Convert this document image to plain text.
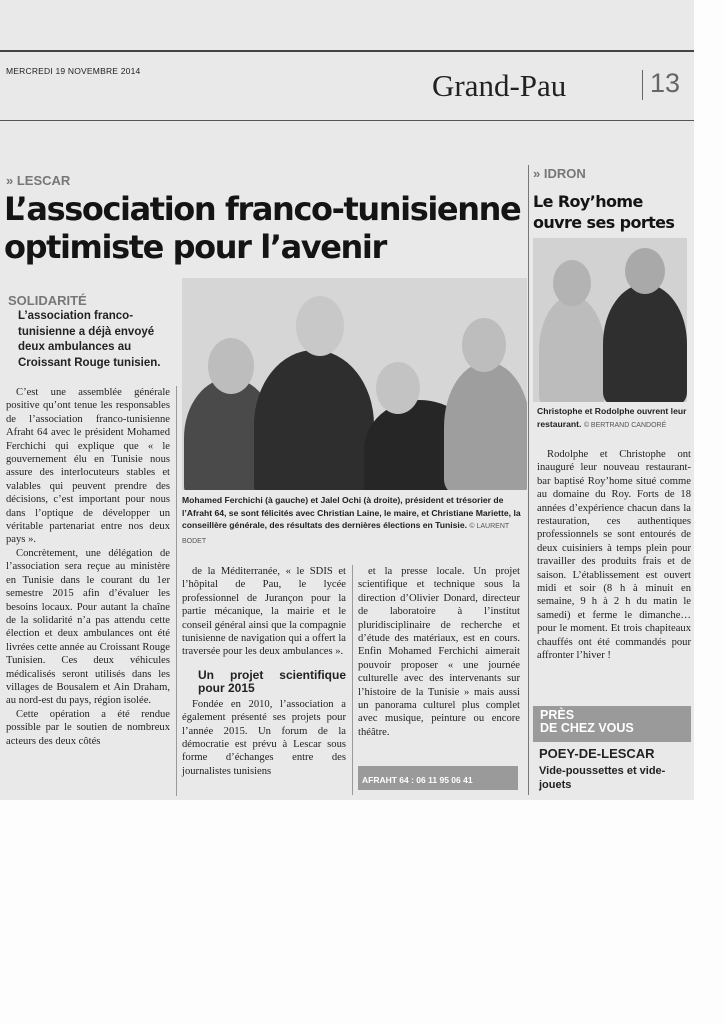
MERCREDI 19 NOVEMBRE 2014	Grand-Pau	13
» LESCAR
L’association franco-tunisienne
optimiste pour l’avenir
SOLIDARITÉ
L’association franco-tunisienne a déjà envoyé deux ambulances au Croissant Rouge tunisien.
Mohamed Ferchichi (à gauche) et Jalel Ochi (à droite), président et trésorier de l’Afraht 64, se sont félicités avec Christian Laine, le maire, et Christiane Mariette, la conseillère générale, des résultats des dernières élections en Tunisie. © LAURENT BODET

C’est une assemblée générale positive qu’ont tenue les responsables de l’association franco-tunisienne Afraht 64 avec le président Mohamed Ferchichi qui explique que « le gouvernement élu en Tunisie nous assure des interlocuteurs stables et valables qui peuvent prendre des décisions, c’est important pour nous dans l’optique de développer un véritable partenariat entre nos deux pays ».

Concrètement, une délégation de l’association sera reçue au ministère en Tunisie dans le courant du 1er semestre 2015 afin d’évaluer les besoins locaux. Pour autant la chaîne de la solidarité n’a pas attendu cette élection et deux ambulances ont été livrées cette année au Croissant Rouge Tunisien. Ces deux véhicules médicalisés seront utilisés dans les villages de Bousalem et Ain Draham, au nord-est du pays, région isolée.

Cette opération a été rendue possible par le soutien de nombreux acteurs des deux côtés

de la Méditerranée, « le SDIS et l’hôpital de Pau, le lycée professionnel de Jurançon pour la partie mécanique, la mairie et le conseil général ainsi que la compagnie tunisienne de navigation qui a offert la traversée pour les deux ambulances ».

Un projet scientifique pour 2015

Fondée en 2010, l’association a également présenté ses projets pour l’année 2015. Un forum de la démocratie est prévu à Lescar sous forme d’échanges entre des journalistes tunisiens

et la presse locale. Un projet scientifique et technique sous la direction d’Olivier Donard, directeur de laboratoire à l’institut pluridisciplinaire de recherche et d’étude des matériaux, est en cours. Enfin Mohamed Ferchichi aimerait pouvoir proposer « une journée culturelle avec des intervenants sur l’histoire de la Tunisie » mais aussi un panorama culturel plus complet avec musique, peinture ou encore théâtre.

AFRAHT 64 : 06 11 95 06 41
» IDRON
Le Roy’home
ouvre ses portes
Christophe et Rodolphe ouvrent leur restaurant. © BERTRAND CANDORÉ

Rodolphe et Christophe ont inauguré leur nouveau restaurant-bar baptisé Roy’home situé comme au domaine du Roy. Forts de 18 années d’expérience chacun dans la restauration, ces authentiques professionnels se sont entourés de deux cuisiniers à temps plein pour travailler des produits frais et de saison. L’établissement est ouvert midi et soir (8 h à minuit en semaine, 9 h à 2 h du matin le samedi) et ferme le dimanche… pour le moment. Et trois chapiteaux chauffés ont été commandés pour affronter l’hiver !

PRÈS
DE CHEZ VOUS
POEY-DE-LESCAR
Vide-poussettes et vide-jouets
